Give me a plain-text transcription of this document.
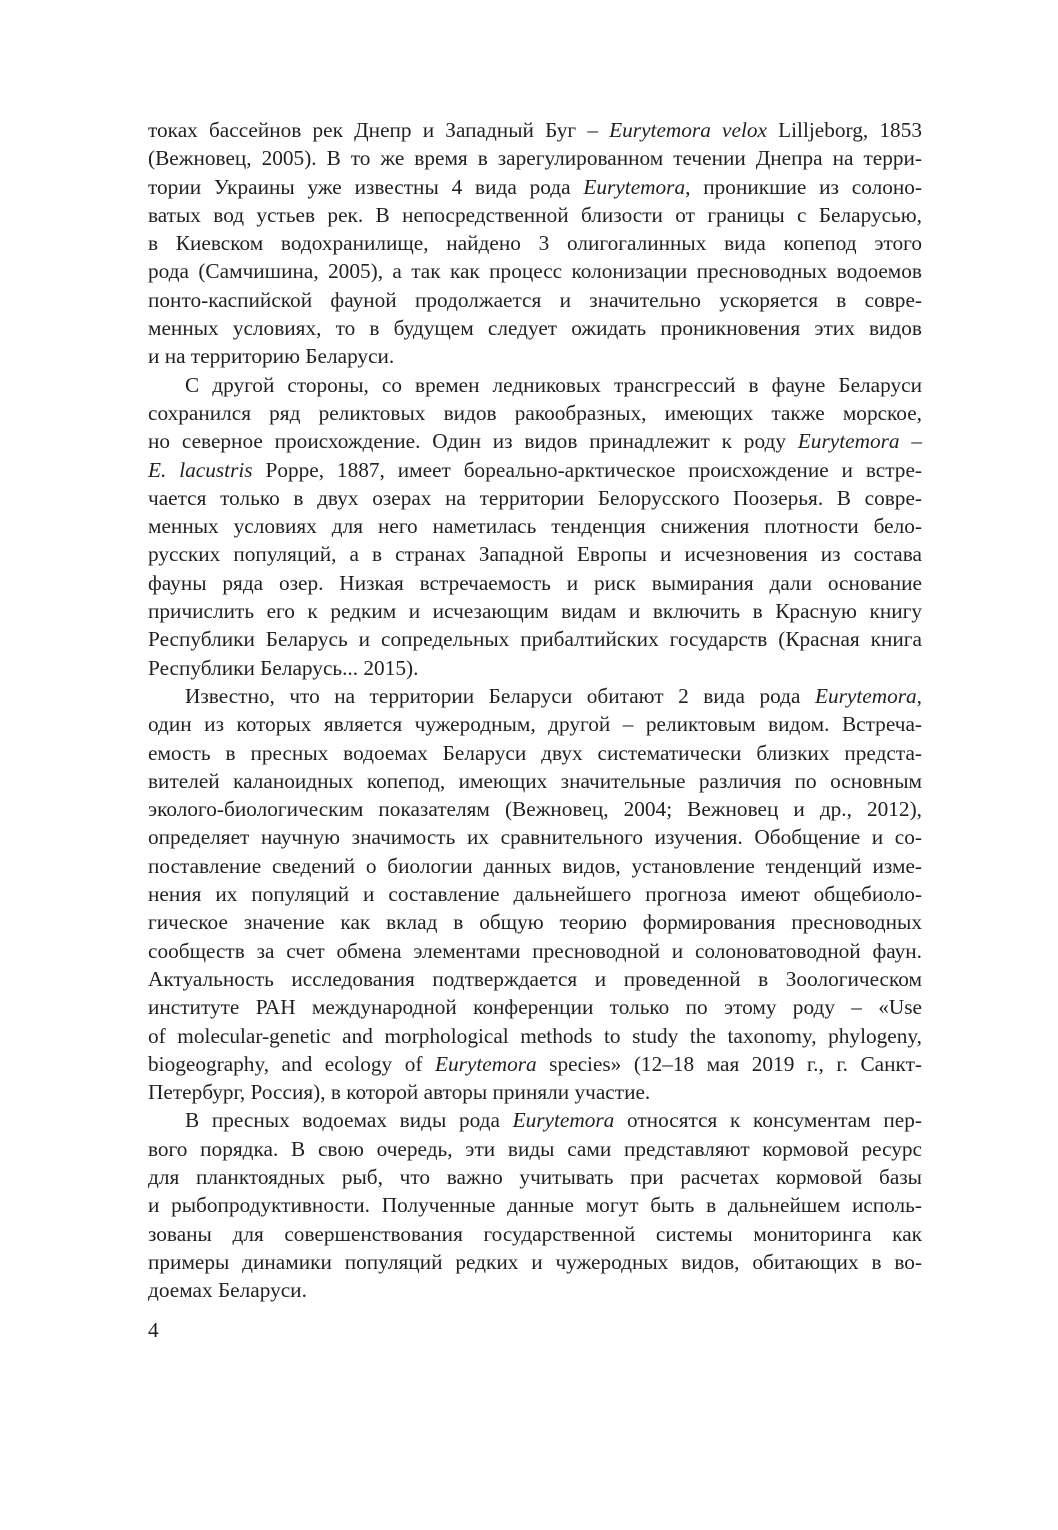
токах бассейнов рек Днепр и Западный Буг – Eurytemora velox Lilljeborg, 1853
(Вежновец, 2005). В то же время в зарегулированном течении Днепра на терри-
тории Украины уже известны 4 вида рода Eurytemora, проникшие из солоно-
ватых вод устьев рек. В непосредственной близости от границы с Беларусью,
в Киевском водохранилище, найдено 3 олигогалинных вида копепод этого
рода (Самчишина, 2005), а так как процесс колонизации пресноводных водоемов
понто-каспийской фауной продолжается и значительно ускоряется в совре-
менных условиях, то в будущем следует ожидать проникновения этих видов
и на территорию Беларуси.
С другой стороны, со времен ледниковых трансгрессий в фауне Беларуси
сохранился ряд реликтовых видов ракообразных, имеющих также морское,
но северное происхождение. Один из видов принадлежит к роду Eurytemora –
E. lacustris Poppe, 1887, имеет бореально-арктическое происхождение и встре-
чается только в двух озерах на территории Белорусского Поозерья. В совре-
менных условиях для него наметилась тенденция снижения плотности бело-
русских популяций, а в странах Западной Европы и исчезновения из состава
фауны ряда озер. Низкая встречаемость и риск вымирания дали основание
причислить его к редким и исчезающим видам и включить в Красную книгу
Республики Беларусь и сопредельных прибалтийских государств (Красная книга
Республики Беларусь... 2015).
Известно, что на территории Беларуси обитают 2 вида рода Eurytemora,
один из которых является чужеродным, другой – реликтовым видом. Встреча-
емость в пресных водоемах Беларуси двух систематически близких предста-
вителей каланоидных копепод, имеющих значительные различия по основным
эколого-биологическим показателям (Вежновец, 2004; Вежновец и др., 2012),
определяет научную значимость их сравнительного изучения. Обобщение и со-
поставление сведений о биологии данных видов, установление тенденций изме-
нения их популяций и составление дальнейшего прогноза имеют общебиоло-
гическое значение как вклад в общую теорию формирования пресноводных
сообществ за счет обмена элементами пресноводной и солоноватоводной фаун.
Актуальность исследования подтверждается и проведенной в Зоологическом
институте РАН международной конференции только по этому роду – «Use
of molecular-genetic and morphological methods to study the taxonomy, phylogeny,
biogeography, and ecology of Eurytemora species» (12–18 мая 2019 г., г. Санкт-
Петербург, Россия), в которой авторы приняли участие.
В пресных водоемах виды рода Eurytemora относятся к консументам пер-
вого порядка. В свою очередь, эти виды сами представляют кормовой ресурс
для планктоядных рыб, что важно учитывать при расчетах кормовой базы
и рыбопродуктивности. Полученные данные могут быть в дальнейшем исполь-
зованы для совершенствования государственной системы мониторинга как
примеры динамики популяций редких и чужеродных видов, обитающих в во-
доемах Беларуси.
4
